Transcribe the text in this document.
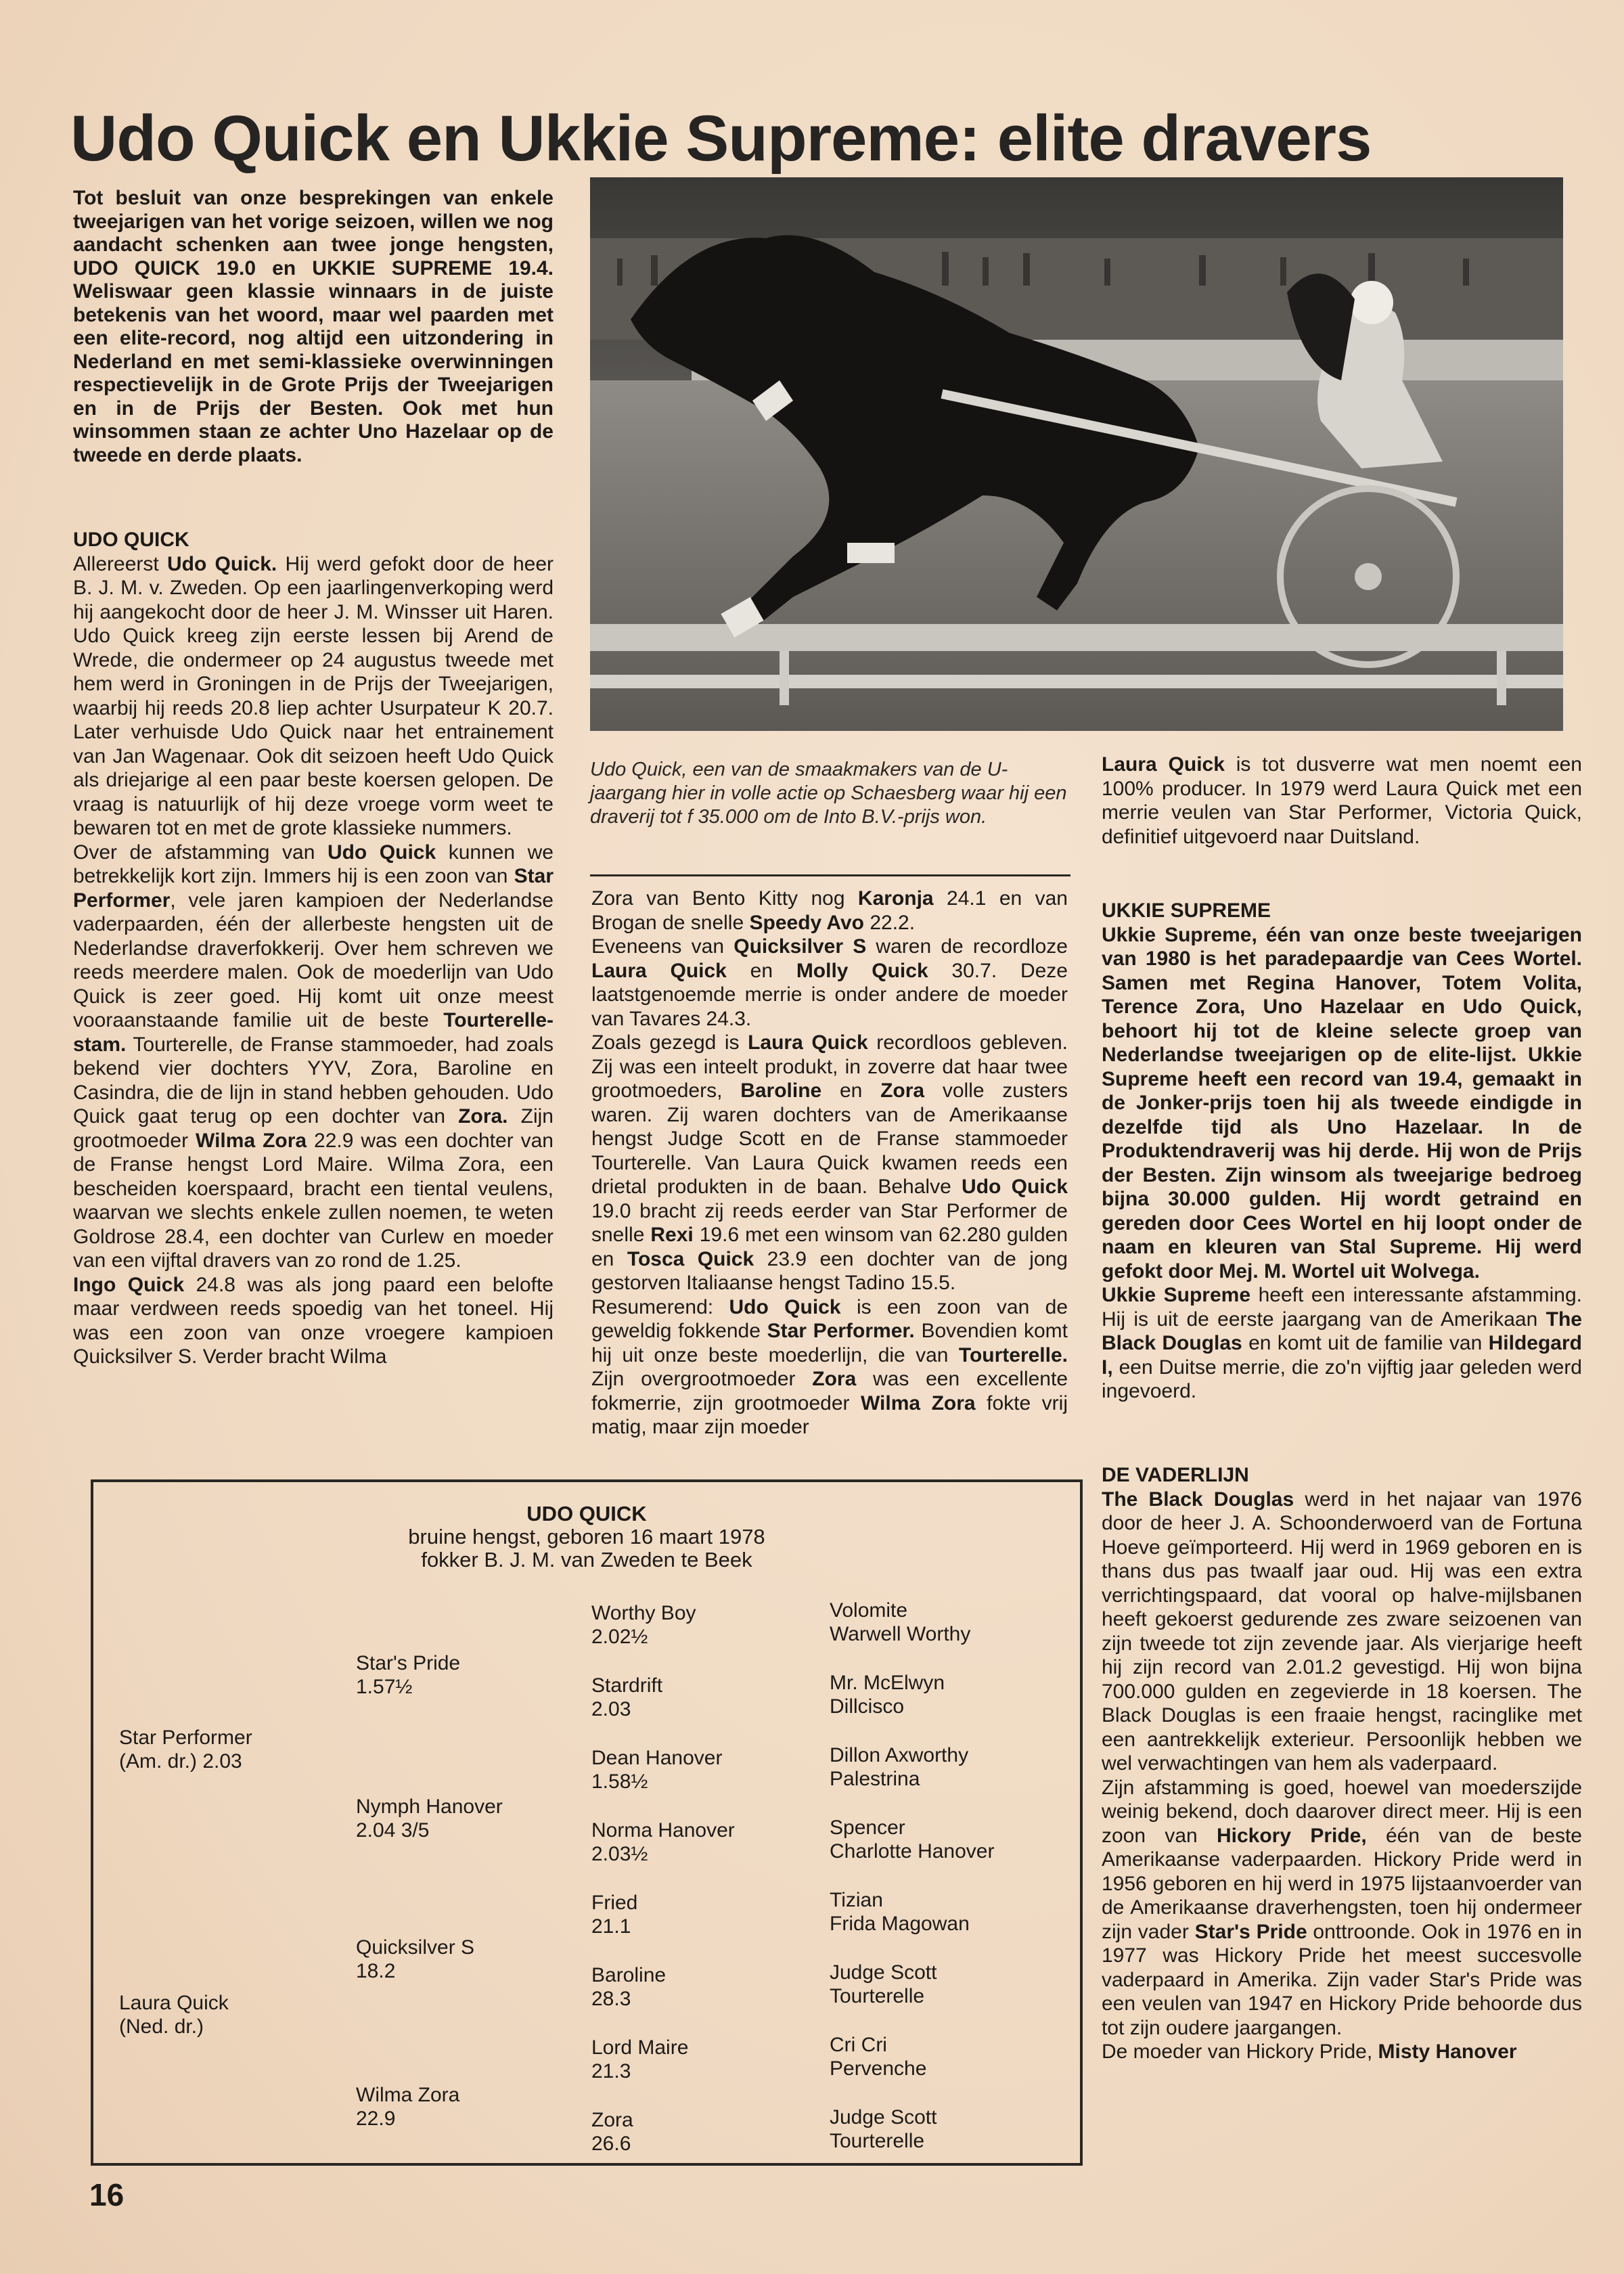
Udo Quick en Ukkie Supreme: elite dravers

Tot besluit van onze besprekingen van enkele tweejarigen van het vorige seizoen, willen we nog aandacht schenken aan twee jonge hengsten, UDO QUICK 19.0 en UKKIE SUPREME 19.4. Weliswaar geen klassie winnaars in de juiste betekenis van het woord, maar wel paarden met een elite-record, nog altijd een uitzondering in Nederland en met semi-klassieke overwinningen respectievelijk in de Grote Prijs der Tweejarigen en in de Prijs der Besten. Ook met hun winsommen staan ze achter Uno Hazelaar op de tweede en derde plaats.

UDO QUICK

Allereerst Udo Quick. Hij werd gefokt door de heer B. J. M. v. Zweden. Op een jaarlingenverkoping werd hij aangekocht door de heer J. M. Winsser uit Haren. Udo Quick kreeg zijn eerste lessen bij Arend de Wrede, die ondermeer op 24 augustus tweede met hem werd in Groningen in de Prijs der Tweejarigen, waarbij hij reeds 20.8 liep achter Usurpateur K 20.7. Later verhuisde Udo Quick naar het entrainement van Jan Wagenaar. Ook dit seizoen heeft Udo Quick als driejarige al een paar beste koersen gelopen. De vraag is natuurlijk of hij deze vroege vorm weet te bewaren tot en met de grote klassieke nummers.

Over de afstamming van Udo Quick kunnen we betrekkelijk kort zijn. Immers hij is een zoon van Star Performer, vele jaren kampioen der Nederlandse vaderpaarden, één der allerbeste hengsten uit de Nederlandse draverfokkerij. Over hem schreven we reeds meerdere malen. Ook de moederlijn van Udo Quick is zeer goed. Hij komt uit onze meest vooraanstaande familie uit de beste Tourterelle-stam. Tourterelle, de Franse stammoeder, had zoals bekend vier dochters YYV, Zora, Baroline en Casindra, die de lijn in stand hebben gehouden. Udo Quick gaat terug op een dochter van Zora. Zijn grootmoeder Wilma Zora 22.9 was een dochter van de Franse hengst Lord Maire. Wilma Zora, een bescheiden koerspaard, bracht een tiental veulens, waarvan we slechts enkele zullen noemen, te weten Goldrose 28.4, een dochter van Curlew en moeder van een vijftal dravers van zo rond de 1.25.

Ingo Quick 24.8 was als jong paard een belofte maar verdween reeds spoedig van het toneel. Hij was een zoon van onze vroegere kampioen Quicksilver S. Verder bracht Wilma

Udo Quick, een van de smaakmakers van de U-jaargang hier in volle actie op Schaesberg waar hij een draverij tot f 35.000 om de Into B.V.-prijs won.

Zora van Bento Kitty nog Karonja 24.1 en van Brogan de snelle Speedy Avo 22.2.

Eveneens van Quicksilver S waren de recordloze Laura Quick en Molly Quick 30.7. Deze laatstgenoemde merrie is onder andere de moeder van Tavares 24.3.

Zoals gezegd is Laura Quick recordloos gebleven. Zij was een inteelt produkt, in zoverre dat haar twee grootmoeders, Baroline en Zora volle zusters waren. Zij waren dochters van de Amerikaanse hengst Judge Scott en de Franse stammoeder Tourterelle. Van Laura Quick kwamen reeds een drietal produkten in de baan. Behalve Udo Quick 19.0 bracht zij reeds eerder van Star Performer de snelle Rexi 19.6 met een winsom van 62.280 gulden en Tosca Quick 23.9 een dochter van de jong gestorven Italiaanse hengst Tadino 15.5.

Resumerend: Udo Quick is een zoon van de geweldig fokkende Star Performer. Bovendien komt hij uit onze beste moederlijn, die van Tourterelle. Zijn overgrootmoeder Zora was een excellente fokmerrie, zijn grootmoeder Wilma Zora fokte vrij matig, maar zijn moeder

Laura Quick is tot dusverre wat men noemt een 100% producer. In 1979 werd Laura Quick met een merrie veulen van Star Performer, Victoria Quick, definitief uitgevoerd naar Duitsland.

UKKIE SUPREME

Ukkie Supreme, één van onze beste tweejarigen van 1980 is het paradepaardje van Cees Wortel. Samen met Regina Hanover, Totem Volita, Terence Zora, Uno Hazelaar en Udo Quick, behoort hij tot de kleine selecte groep van Nederlandse tweejarigen op de elite-lijst. Ukkie Supreme heeft een record van 19.4, gemaakt in de Jonker-prijs toen hij als tweede eindigde in dezelfde tijd als Uno Hazelaar. In de Produktendraverij was hij derde. Hij won de Prijs der Besten. Zijn winsom als tweejarige bedroeg bijna 30.000 gulden. Hij wordt getraind en gereden door Cees Wortel en hij loopt onder de naam en kleuren van Stal Supreme. Hij werd gefokt door Mej. M. Wortel uit Wolvega.

Ukkie Supreme heeft een interessante afstamming. Hij is uit de eerste jaargang van de Amerikaan The Black Douglas en komt uit de familie van Hildegard I, een Duitse merrie, die zo'n vijftig jaar geleden werd ingevoerd.

DE VADERLIJN

The Black Douglas werd in het najaar van 1976 door de heer J. A. Schoonderwoerd van de Fortuna Hoeve geïmporteerd. Hij werd in 1969 geboren en is thans dus pas twaalf jaar oud. Hij was een extra verrichtingspaard, dat vooral op halve-mijlsbanen heeft gekoerst gedurende zes zware seizoenen van zijn tweede tot zijn zevende jaar. Als vierjarige heeft hij zijn record van 2.01.2 gevestigd. Hij won bijna 700.000 gulden en zegevierde in 18 koersen. The Black Douglas is een fraaie hengst, racinglike met een aantrekkelijk exterieur. Persoonlijk hebben we wel verwachtingen van hem als vaderpaard.

Zijn afstamming is goed, hoewel van moederszijde weinig bekend, doch daarover direct meer. Hij is een zoon van Hickory Pride, één van de beste Amerikaanse vaderpaarden. Hickory Pride werd in 1956 geboren en hij werd in 1975 lijstaanvoerder van de Amerikaanse draverhengsten, toen hij ondermeer zijn vader Star's Pride onttroonde. Ook in 1976 en in 1977 was Hickory Pride het meest succesvolle vaderpaard in Amerika. Zijn vader Star's Pride was een veulen van 1947 en Hickory Pride behoorde dus tot zijn oudere jaargangen.

De moeder van Hickory Pride, Misty Hanover

UDO QUICK
bruine hengst, geboren 16 maart 1978
fokker B. J. M. van Zweden te Beek
Star Performer
(Am. dr.) 2.03
Laura Quick
(Ned. dr.)
Star's Pride
1.57½
Nymph Hanover
2.04 3/5
Quicksilver S
18.2
Wilma Zora
22.9
Worthy Boy
2.02½
Stardrift
2.03
Dean Hanover
1.58½
Norma Hanover
2.03½
Fried
21.1
Baroline
28.3
Lord Maire
21.3
Zora
26.6
Volomite
Warwell Worthy
Mr. McElwyn
Dillcisco
Dillon Axworthy
Palestrina
Spencer
Charlotte Hanover
Tizian
Frida Magowan
Judge Scott
Tourterelle
Cri Cri
Pervenche
Judge Scott
Tourterelle
16
